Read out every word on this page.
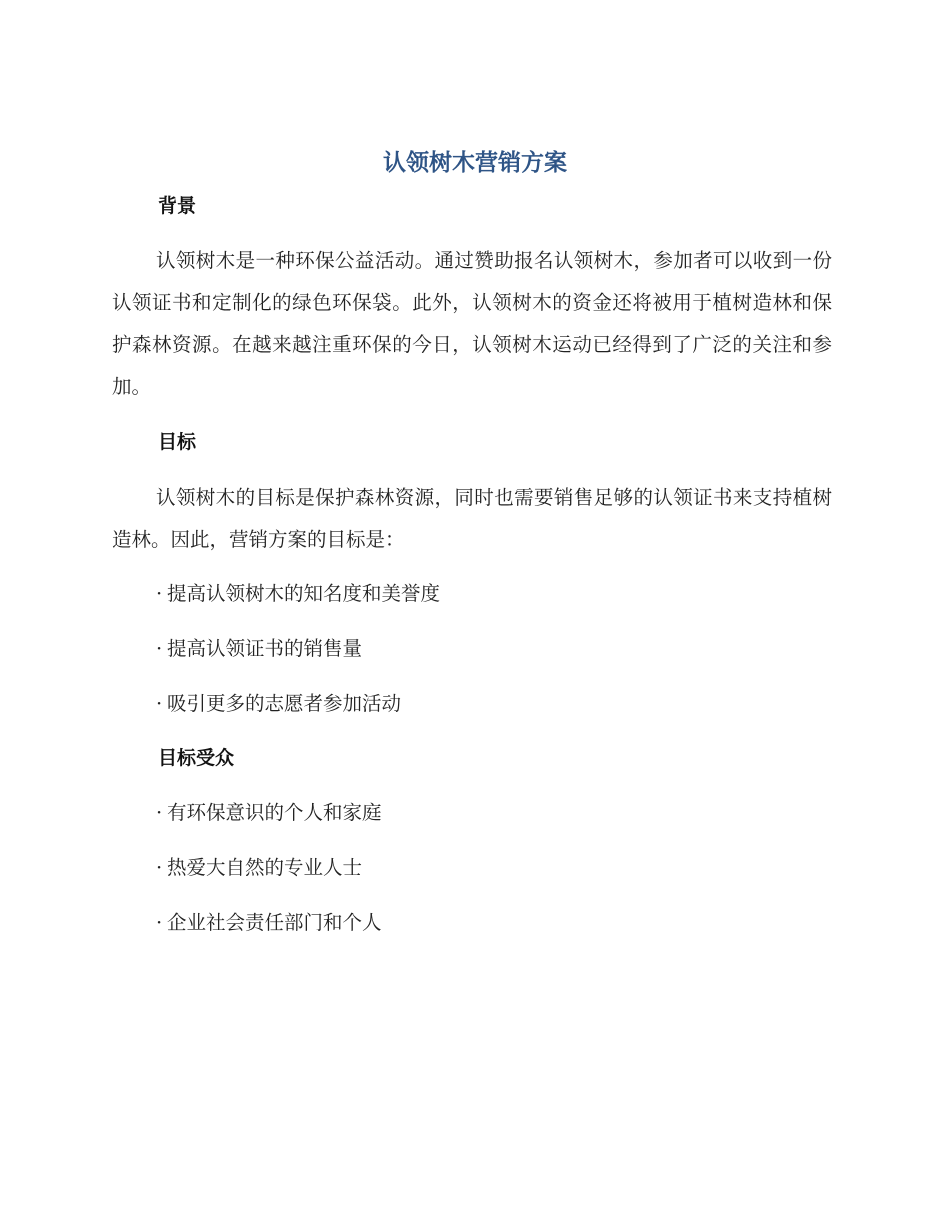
认领树木营销方案
背景

认领树木是一种环保公益活动。通过赞助报名认领树木，参加者可以收到一份认领证书和定制化的绿色环保袋。此外，认领树木的资金还将被用于植树造林和保护森林资源。在越来越注重环保的今日，认领树木运动已经得到了广泛的关注和参加。

目标

认领树木的目标是保护森林资源，同时也需要销售足够的认领证书来支持植树造林。因此，营销方案的目标是：

· 提高认领树木的知名度和美誉度
· 提高认领证书的销售量
· 吸引更多的志愿者参加活动
目标受众
· 有环保意识的个人和家庭
· 热爱大自然的专业人士
· 企业社会责任部门和个人
